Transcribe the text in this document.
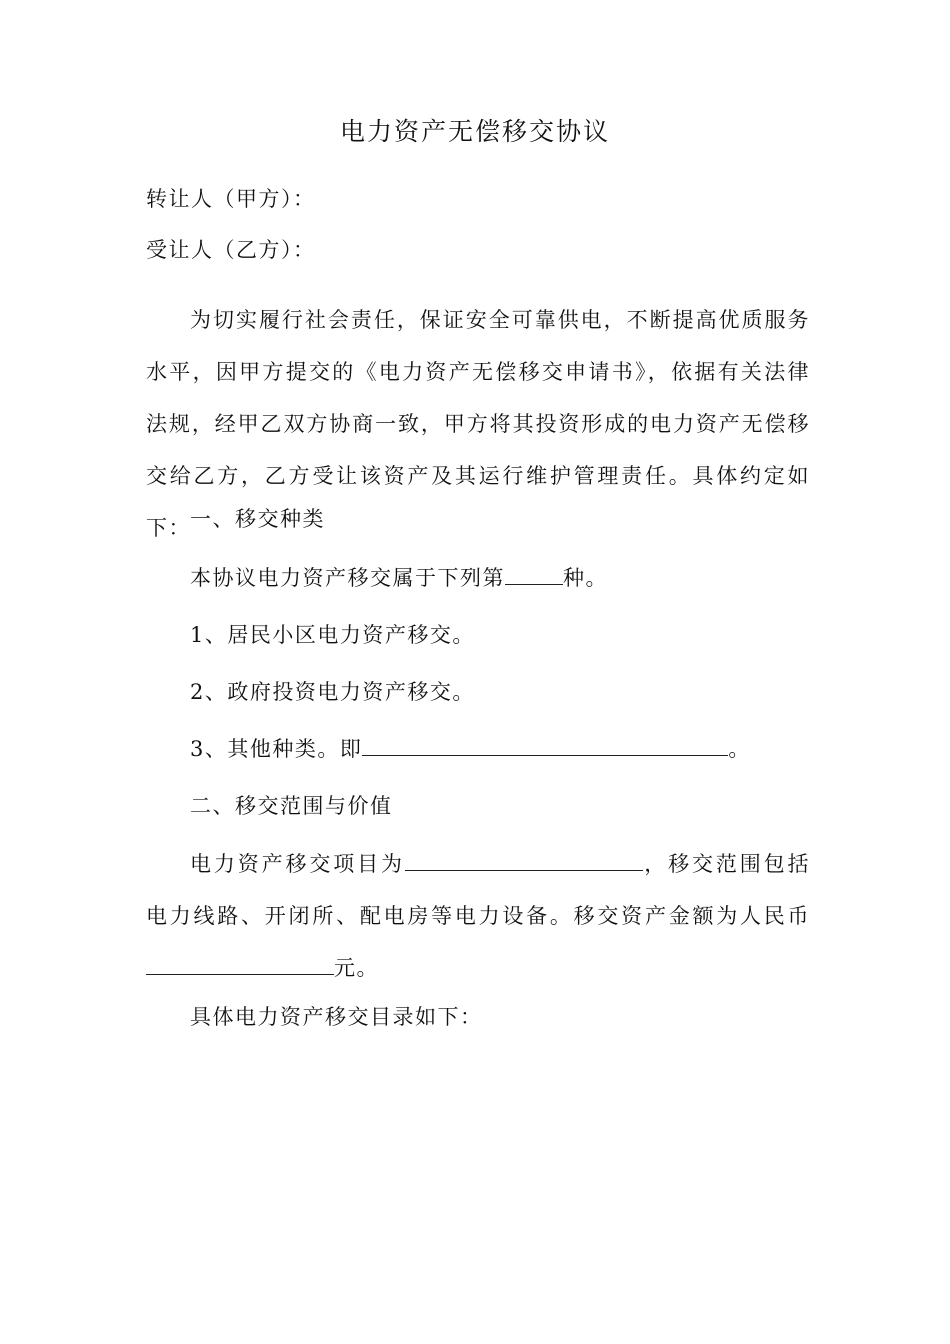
电力资产无偿移交协议
转让人（甲方）：
受让人（乙方）：
为切实履行社会责任，保证安全可靠供电，不断提高优质服务水平，因甲方提交的《电力资产无偿移交申请书》，依据有关法律法规，经甲乙双方协商一致，甲方将其投资形成的电力资产无偿移交给乙方，乙方受让该资产及其运行维护管理责任。具体约定如下： 一、移交种类
本协议电力资产移交属于下列第	种。
1、居民小区电力资产移交。
2、政府投资电力资产移交。
3、其他种类。即	。
二、移交范围与价值
电力资产移交项目为	，移交范围包括电力线路、开闭所、配电房等电力设备。移交资产金额为人民币元。
具体电力资产移交目录如下：
